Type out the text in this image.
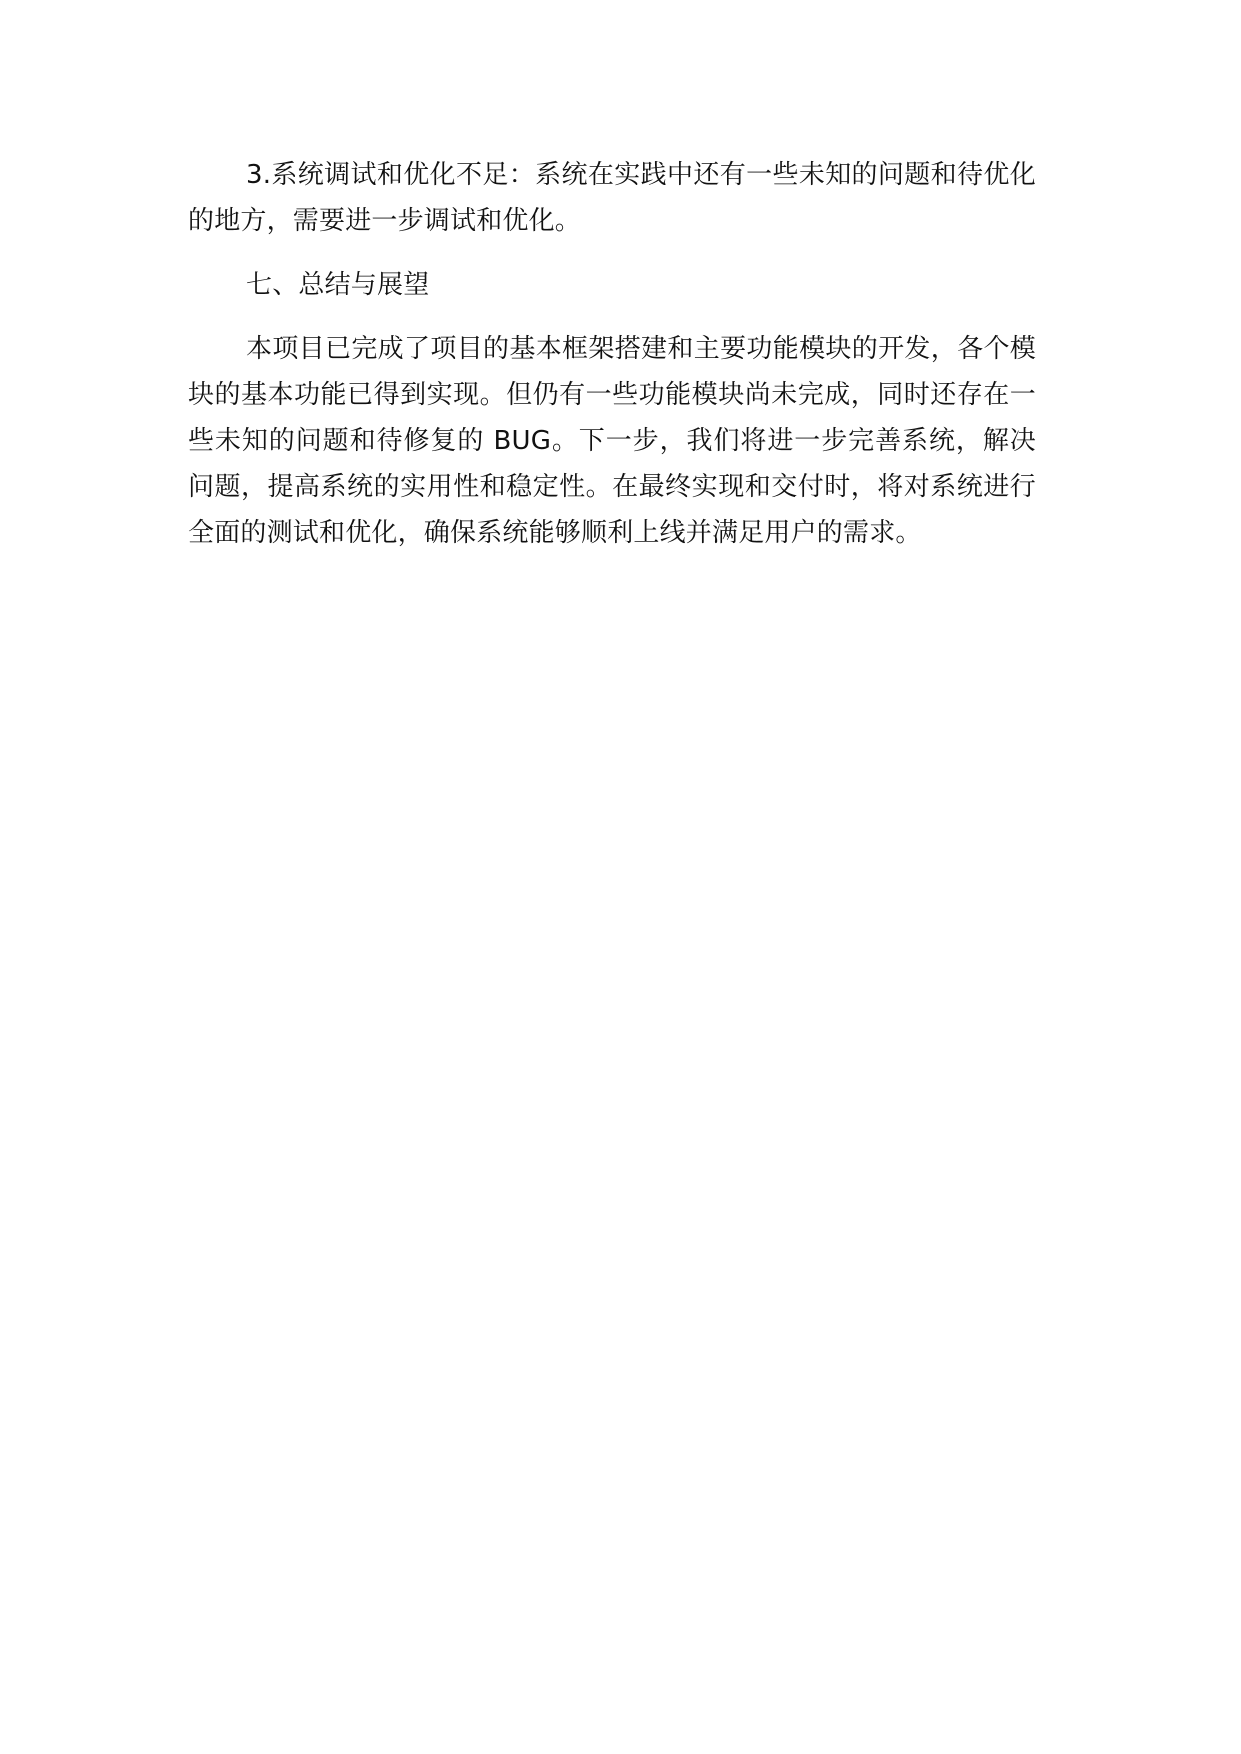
3.系统调试和优化不足：系统在实践中还有一些未知的问题和待优化的地方，需要进一步调试和优化。

七、总结与展望

本项目已完成了项目的基本框架搭建和主要功能模块的开发，各个模块的基本功能已得到实现。但仍有一些功能模块尚未完成，同时还存在一些未知的问题和待修复的 BUG。下一步，我们将进一步完善系统，解决问题，提高系统的实用性和稳定性。在最终实现和交付时，将对系统进行全面的测试和优化，确保系统能够顺利上线并满足用户的需求。
